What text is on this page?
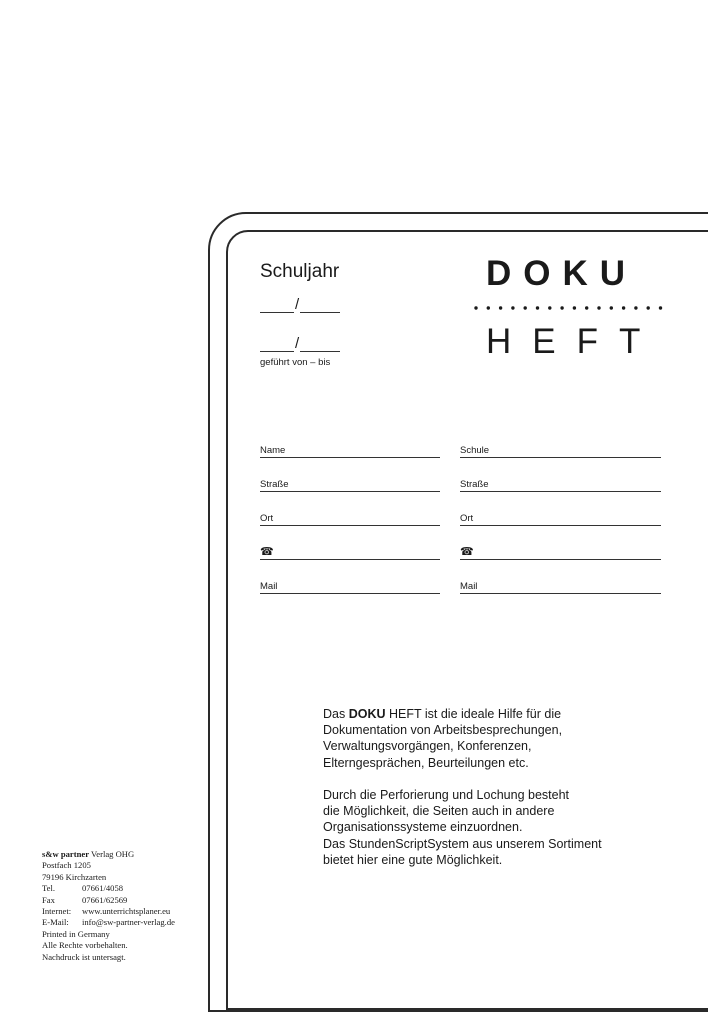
Schuljahr
/
/
geführt von – bis
DOKU
HEFT
Name
Straße
Ort
☎
Mail
Schule
Straße
Ort
☎
Mail

Das DOKU HEFT ist die ideale Hilfe für die

Dokumentation von Arbeitsbesprechungen,

Verwaltungsvorgängen, Konferenzen,

Elterngesprächen, Beurteilungen etc.

Durch die Perforierung und Lochung besteht

die Möglichkeit, die Seiten auch in andere

Organisationssysteme einzuordnen.

Das StundenScriptSystem aus unserem Sortiment

bietet hier eine gute Möglichkeit.

s&w partner Verlag OHG
Postfach 1205
79196 Kirchzarten
Tel.	07661/4058
Fax	07661/62569
Internet: www.unterrichtsplaner.eu
E-Mail: info@sw-partner-verlag.de
Printed in Germany
Alle Rechte vorbehalten.
Nachdruck ist untersagt.
